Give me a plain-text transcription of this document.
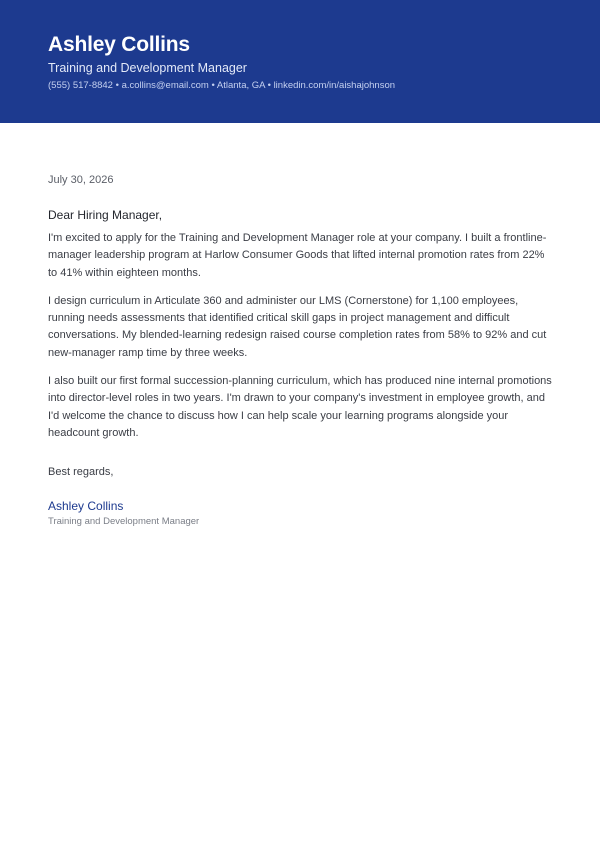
Ashley Collins
Training and Development Manager
(555) 517-8842 • a.collins@email.com • Atlanta, GA • linkedin.com/in/aishajohnson
July 30, 2026
Dear Hiring Manager,

I'm excited to apply for the Training and Development Manager role at your company. I built a frontline-manager leadership program at Harlow Consumer Goods that lifted internal promotion rates from 22% to 41% within eighteen months.

I design curriculum in Articulate 360 and administer our LMS (Cornerstone) for 1,100 employees, running needs assessments that identified critical skill gaps in project management and difficult conversations. My blended-learning redesign raised course completion rates from 58% to 92% and cut new-manager ramp time by three weeks.

I also built our first formal succession-planning curriculum, which has produced nine internal promotions into director-level roles in two years. I'm drawn to your company's investment in employee growth, and I'd welcome the chance to discuss how I can help scale your learning programs alongside your headcount growth.

Best regards,
Ashley Collins
Training and Development Manager
